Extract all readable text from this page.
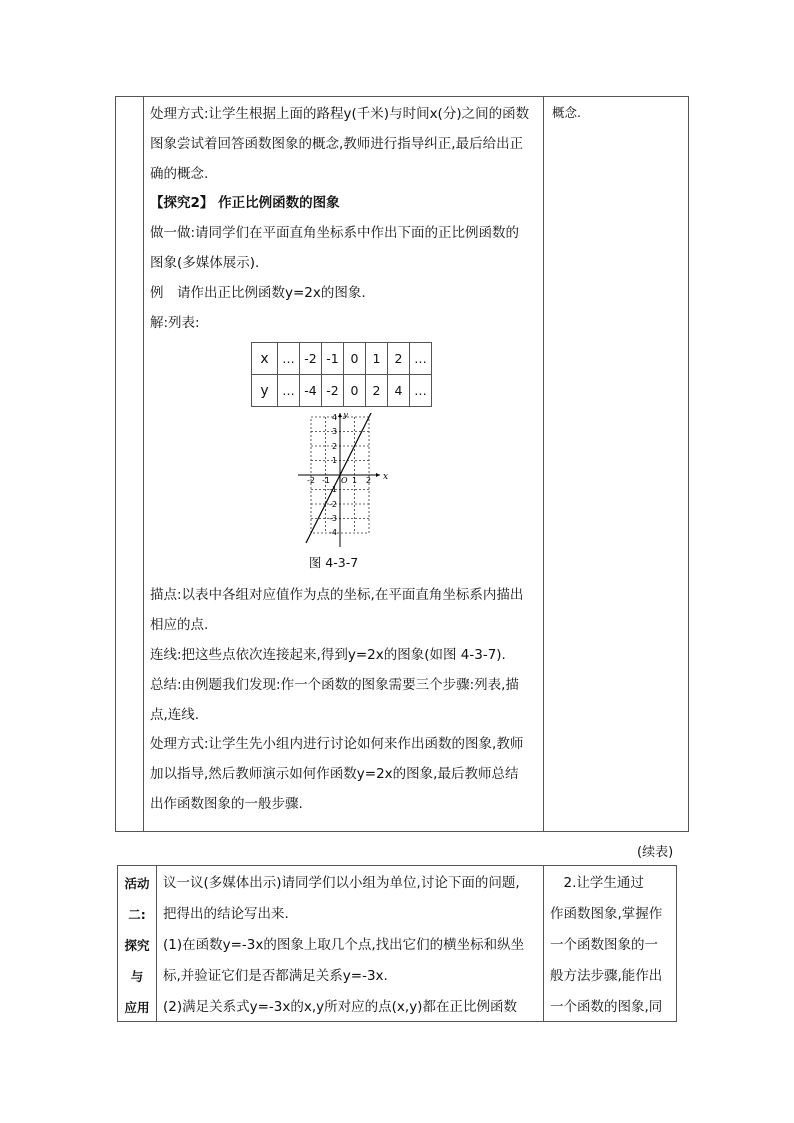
处理方式:让学生根据上面的路程y(千米)与时间x(分)之间的函数
图象尝试着回答函数图象的概念,教师进行指导纠正,最后给出正
确的概念.
【探究2】 作正比例函数的图象
做一做:请同学们在平面直角坐标系中作出下面的正比例函数的
图象(多媒体展示).
例　请作出正比例函数y=2x的图象.
解:列表:
x	…	-2	-1	0	1	2	…
y	…	-4	-2	0	2	4	…
y
x
O
-2 -1	1 2
4
3
2
1
-1
-2
-3
-4
图 4-3-7
描点:以表中各组对应值作为点的坐标,在平面直角坐标系内描出
相应的点.
连线:把这些点依次连接起来,得到y=2x的图象(如图 4-3-7).
总结:由例题我们发现:作一个函数的图象需要三个步骤:列表,描
点,连线.
处理方式:让学生先小组内进行讨论如何来作出函数的图象,教师
加以指导,然后教师演示如何作函数y=2x的图象,最后教师总结
出作函数图象的一般步骤.
概念.
(续表)
活动
二:
探究
与
应用
议一议(多媒体出示)请同学们以小组为单位,讨论下面的问题,
把得出的结论写出来.
(1)在函数y=-3x的图象上取几个点,找出它们的横坐标和纵坐
标,并验证它们是否都满足关系y=-3x.
(2)满足关系式y=-3x的x,y所对应的点(x,y)都在正比例函数
　2.让学生通过
作函数图象,掌握作
一个函数图象的一
般方法步骤,能作出
一个函数的图象,同
